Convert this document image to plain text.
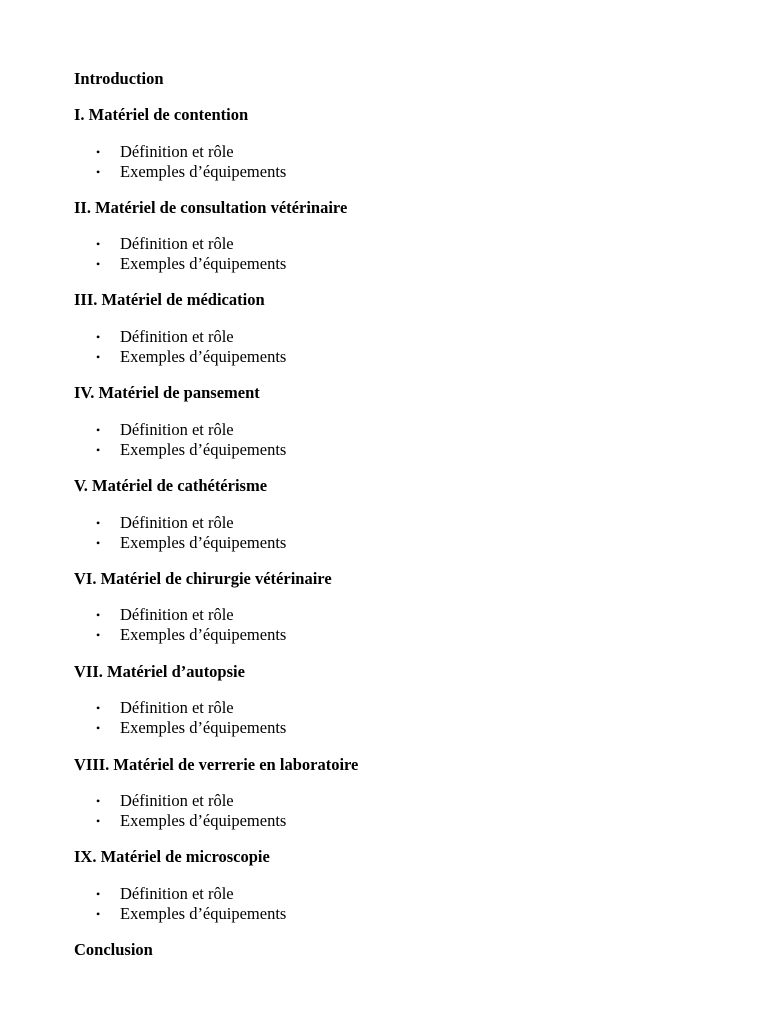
Introduction
I. Matériel de contention
• Définition et rôle
• Exemples d’équipements
II. Matériel de consultation vétérinaire
• Définition et rôle
• Exemples d’équipements
III. Matériel de médication
• Définition et rôle
• Exemples d’équipements
IV. Matériel de pansement
• Définition et rôle
• Exemples d’équipements
V. Matériel de cathétérisme
• Définition et rôle
• Exemples d’équipements
VI. Matériel de chirurgie vétérinaire
• Définition et rôle
• Exemples d’équipements
VII. Matériel d’autopsie
• Définition et rôle
• Exemples d’équipements
VIII. Matériel de verrerie en laboratoire
• Définition et rôle
• Exemples d’équipements
IX. Matériel de microscopie
• Définition et rôle
• Exemples d’équipements
Conclusion
